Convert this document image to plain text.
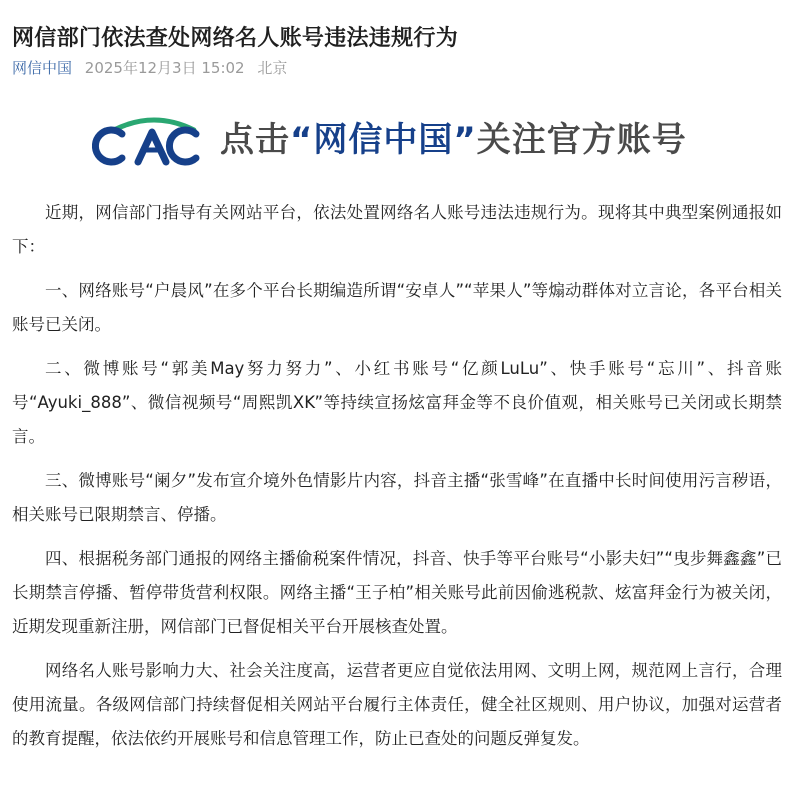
网信部门依法查处网络名人账号违法违规行为
网信中国 2025年12月3日 15:02 北京
点击“网信中国”关注官方账号

近期，网信部门指导有关网站平台，依法处置网络名人账号违法违规行为。现将其中典型案例通报如下：

一、网络账号“户晨风”在多个平台长期编造所谓“安卓人”“苹果人”等煽动群体对立言论，各平台相关账号已关闭。

二、微博账号“郭美May努力努力”、小红书账号“亿颜LuLu”、快手账号“忘川”、抖音账号“Ayuki_888”、微信视频号“周熙凯XK”等持续宣扬炫富拜金等不良价值观，相关账号已关闭或长期禁言。

三、微博账号“阑夕”发布宣介境外色情影片内容，抖音主播“张雪峰”在直播中长时间使用污言秽语，相关账号已限期禁言、停播。

四、根据税务部门通报的网络主播偷税案件情况，抖音、快手等平台账号“小影夫妇”“曳步舞鑫鑫”已长期禁言停播、暂停带货营利权限。网络主播“王子柏”相关账号此前因偷逃税款、炫富拜金行为被关闭，近期发现重新注册，网信部门已督促相关平台开展核查处置。

网络名人账号影响力大、社会关注度高，运营者更应自觉依法用网、文明上网，规范网上言行，合理使用流量。各级网信部门持续督促相关网站平台履行主体责任，健全社区规则、用户协议，加强对运营者的教育提醒，依法依约开展账号和信息管理工作，防止已查处的问题反弹复发。
